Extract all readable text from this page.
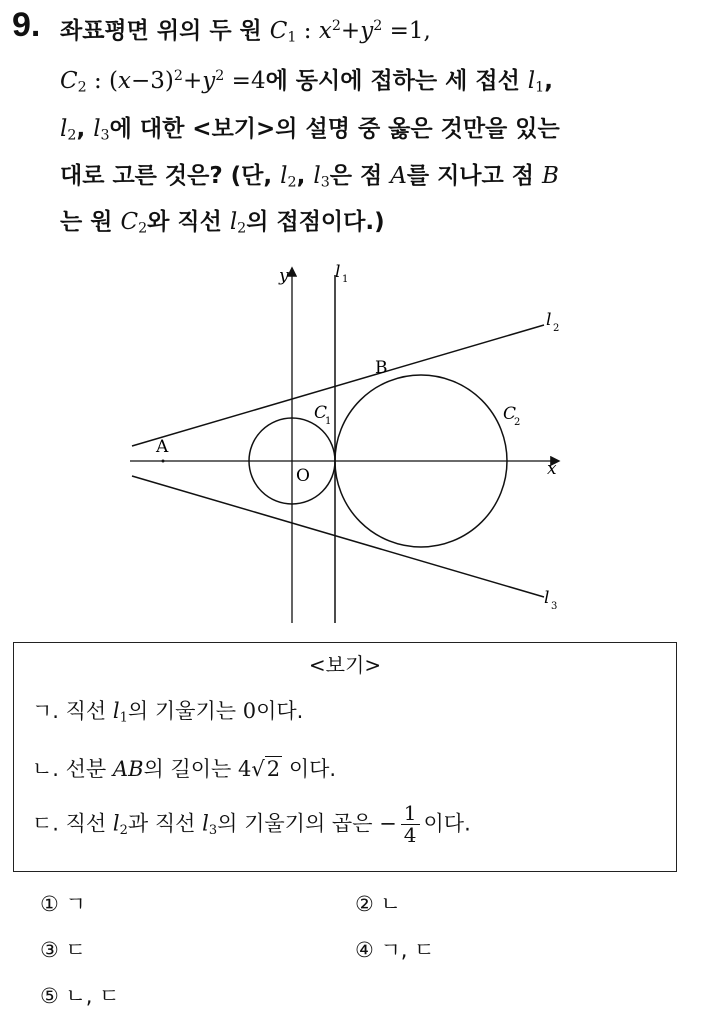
9. 좌표평면 위의 두 원 $C_1$ : $x^2+y^2 =1$,
$C_2$ : $(x-3)^2+y^2 =4$에 동시에 접하는 세 접선 $l_1$,
$l_2$, $l_3$에 대한 <보기>의 설명 중 옳은 것만을 있는
대로 고른 것은? (단, $l_2$, $l_3$은 점 A를 지나고 점 B
는 원 $C_2$와 직선 $l_2$의 접점이다.)
A
B
O
y
x
l 1
l 2
l 3
C
1	C
2
<보기>
ㄱ. 직선 $l_1$의 기울기는 0이다.
ㄴ. 선분 AB의 길이는 4√2 이다.
ㄷ. 직선 $l_2$과 직선 $l_3$의 기울기의 곱은 − $\frac{1}{4}$ 이다.
① ㄱ	② ㄴ
③ ㄷ	④ ㄱ, ㄷ
⑤ ㄴ, ㄷ
